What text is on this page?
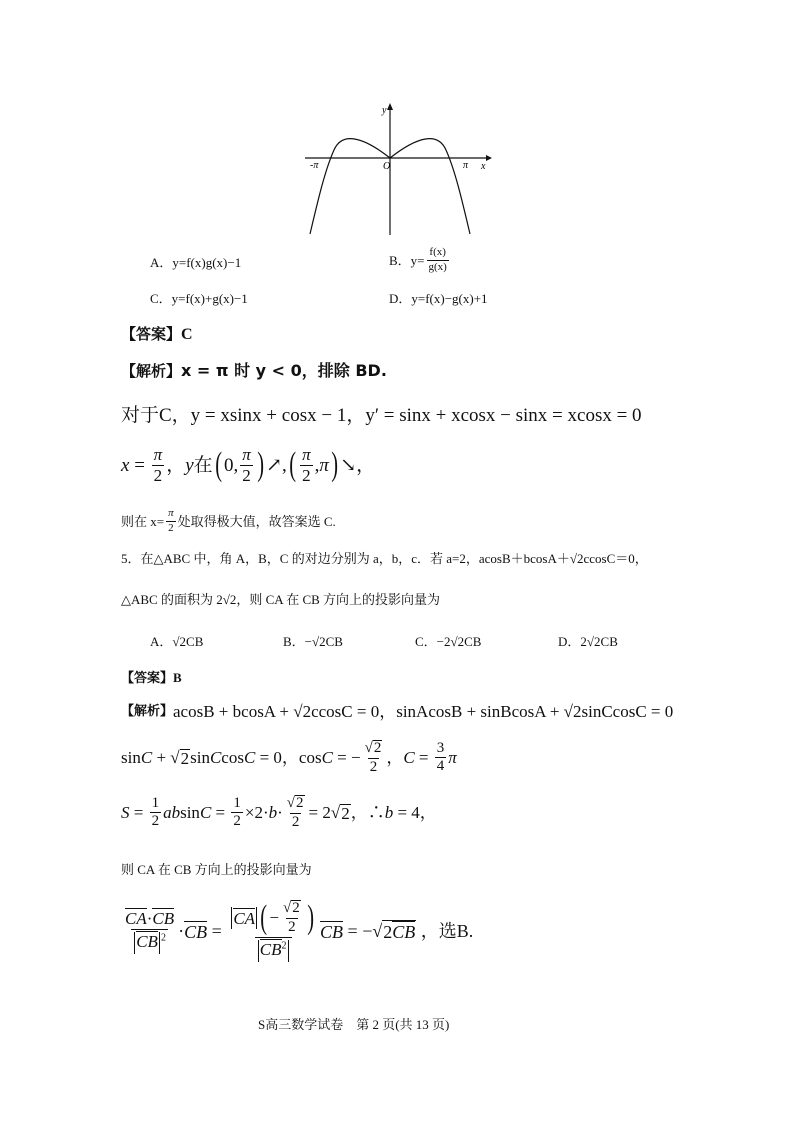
y
x
-π	π
O
A．y=f(x)g(x)−1	B．$y= \frac{f(x)}{g(x)}$
C．y=f(x)+g(x)−1	D．y=f(x)−g(x)+1
【答案】C
【解析】 x = π 时 y < 0，排除 BD.
对于C，y = xsinx + cosx − 1，y′ = sinx + xcosx − sinx = xcosx = 0
$x = \frac{\pi}{2}$ ， y 在 ( 0, $\frac{\pi}{2}$ ) ↗, ( $\frac{\pi}{2}$ , π ) ↘，
则在 $x= \frac{\pi}{2}$ 处取得极大值，故答案选 C.
5．在△ABC 中，角 A，B，C 的对边分别为 a，b，c．若 a=2，acosB＋bcosA＋√2ccosC＝0，
△ABC 的面积为 2√2，则 CA 在 CB 方向上的投影向量为
A．√2CB	B．−√2CB	C．−2√2CB	D．2√2CB
【答案】B
【解析】 acosB + bcosA + √2ccosC = 0，sinAcosB + sinBcosA + √2sinCcosC = 0
sin C + √ 2 sin C cos C = 0，cos C = − $\frac{√2}{2}$ ， $C = \frac{3}{4}$ π
$S = \frac{1}{2}$ ab $\sin C = \frac{1}{2} \times 2\cdot b \cdot \frac{√2}{2} = 2√$ 2 ，∴ b = 4，
则 CA 在 CB 方向上的投影向量为
$\frac{CA\cdot CB}{CB ^2}$ · CB = $\frac{CA ( - \frac{√2}{2} )}{CB^2}$ CB = −√ 2CB ，选B.
S高三数学试卷　第 2 页(共 13 页)
